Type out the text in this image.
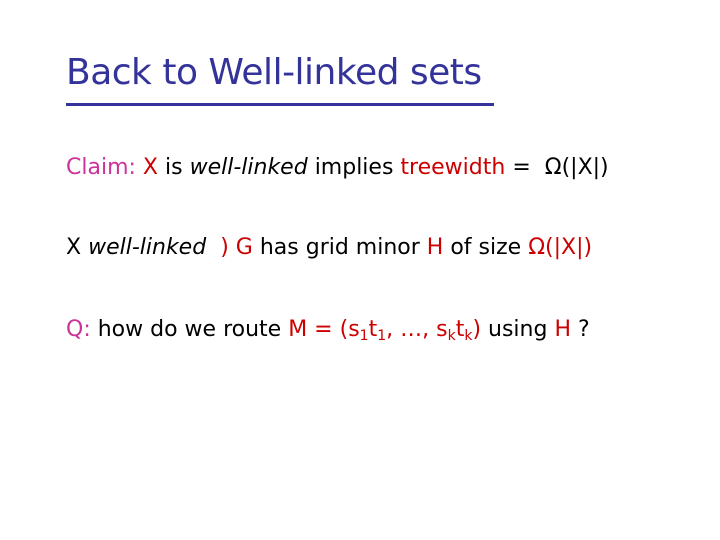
Back to Well-linked sets
Claim: X is well-linked implies treewidth = Ω(|X|)
X well-linked ) G has grid minor H of size Ω(|X|)
Q: how do we route $M = (s_1t_1$, …, $s_kt_k$) using H ?
